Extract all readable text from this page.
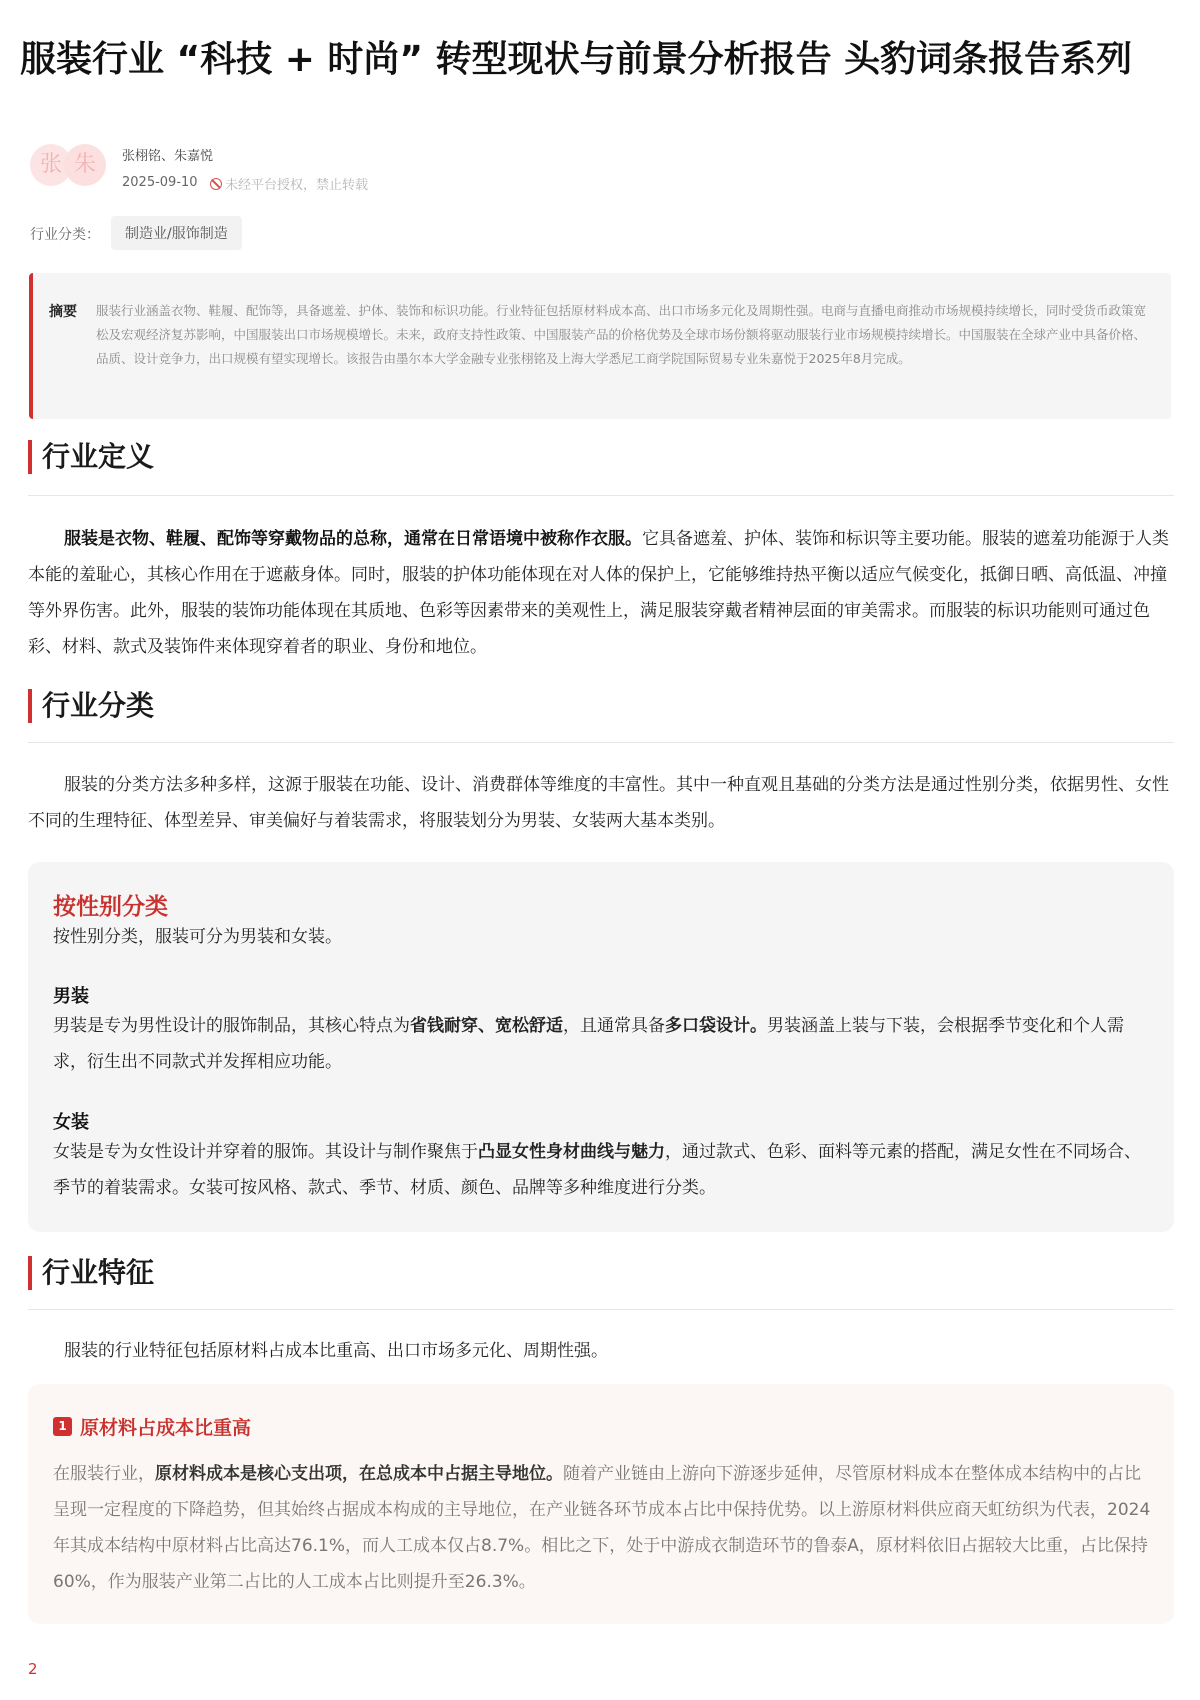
服装行业 “科技 + 时尚” 转型现状与前景分析报告 头豹词条报告系列
张 朱	张栩铭、朱嘉悦
2025-09-10 未经平台授权，禁止转载
行业分类：	制造业/服饰制造
摘要 服装行业涵盖衣物、鞋履、配饰等，具备遮羞、护体、装饰和标识功能。行业特征包括原材料成本高、出口市场多元化及周期性强。电商与直播电商推动市场规模持续增长，同时受货币政策宽松及宏观经济复苏影响，中国服装出口市场规模增长。未来，政府支持性政策、中国服装产品的价格优势及全球市场份额将驱动服装行业市场规模持续增长。中国服装在全球产业中具备价格、品质、设计竞争力，出口规模有望实现增长。该报告由墨尔本大学金融专业张栩铭及上海大学悉尼工商学院国际贸易专业朱嘉悦于2025年8月完成。
行业定义

服装是衣物、鞋履、配饰等穿戴物品的总称，通常在日常语境中被称作衣服。它具备遮羞、护体、装饰和标识等主要功能。服装的遮羞功能源于人类本能的羞耻心，其核心作用在于遮蔽身体。同时，服装的护体功能体现在对人体的保护上，它能够维持热平衡以适应气候变化，抵御日晒、高低温、冲撞等外界伤害。此外，服装的装饰功能体现在其质地、色彩等因素带来的美观性上，满足服装穿戴者精神层面的审美需求。而服装的标识功能则可通过色彩、材料、款式及装饰件来体现穿着者的职业、身份和地位。

行业分类

服装的分类方法多种多样，这源于服装在功能、设计、消费群体等维度的丰富性。其中一种直观且基础的分类方法是通过性别分类，依据男性、女性不同的生理特征、体型差异、审美偏好与着装需求，将服装划分为男装、女装两大基本类别。

按性别分类
按性别分类，服装可分为男装和女装。
男装
男装是专为男性设计的服饰制品，其核心特点为省钱耐穿、宽松舒适，且通常具备多口袋设计。男装涵盖上装与下装，会根据季节变化和个人需求，衍生出不同款式并发挥相应功能。
女装
女装是专为女性设计并穿着的服饰。其设计与制作聚焦于凸显女性身材曲线与魅力，通过款式、色彩、面料等元素的搭配，满足女性在不同场合、季节的着装需求。女装可按风格、款式、季节、材质、颜色、品牌等多种维度进行分类。
行业特征

服装的行业特征包括原材料占成本比重高、出口市场多元化、周期性强。

1 原材料占成本比重高
在服装行业，原材料成本是核心支出项，在总成本中占据主导地位。随着产业链由上游向下游逐步延伸，尽管原材料成本在整体成本结构中的占比呈现一定程度的下降趋势，但其始终占据成本构成的主导地位，在产业链各环节成本占比中保持优势。以上游原材料供应商天虹纺织为代表，2024年其成本结构中原材料占比高达76.1%，而人工成本仅占8.7%。相比之下，处于中游成衣制造环节的鲁泰A，原材料依旧占据较大比重，占比保持60%，作为服装产业第二占比的人工成本占比则提升至26.3%。
2
